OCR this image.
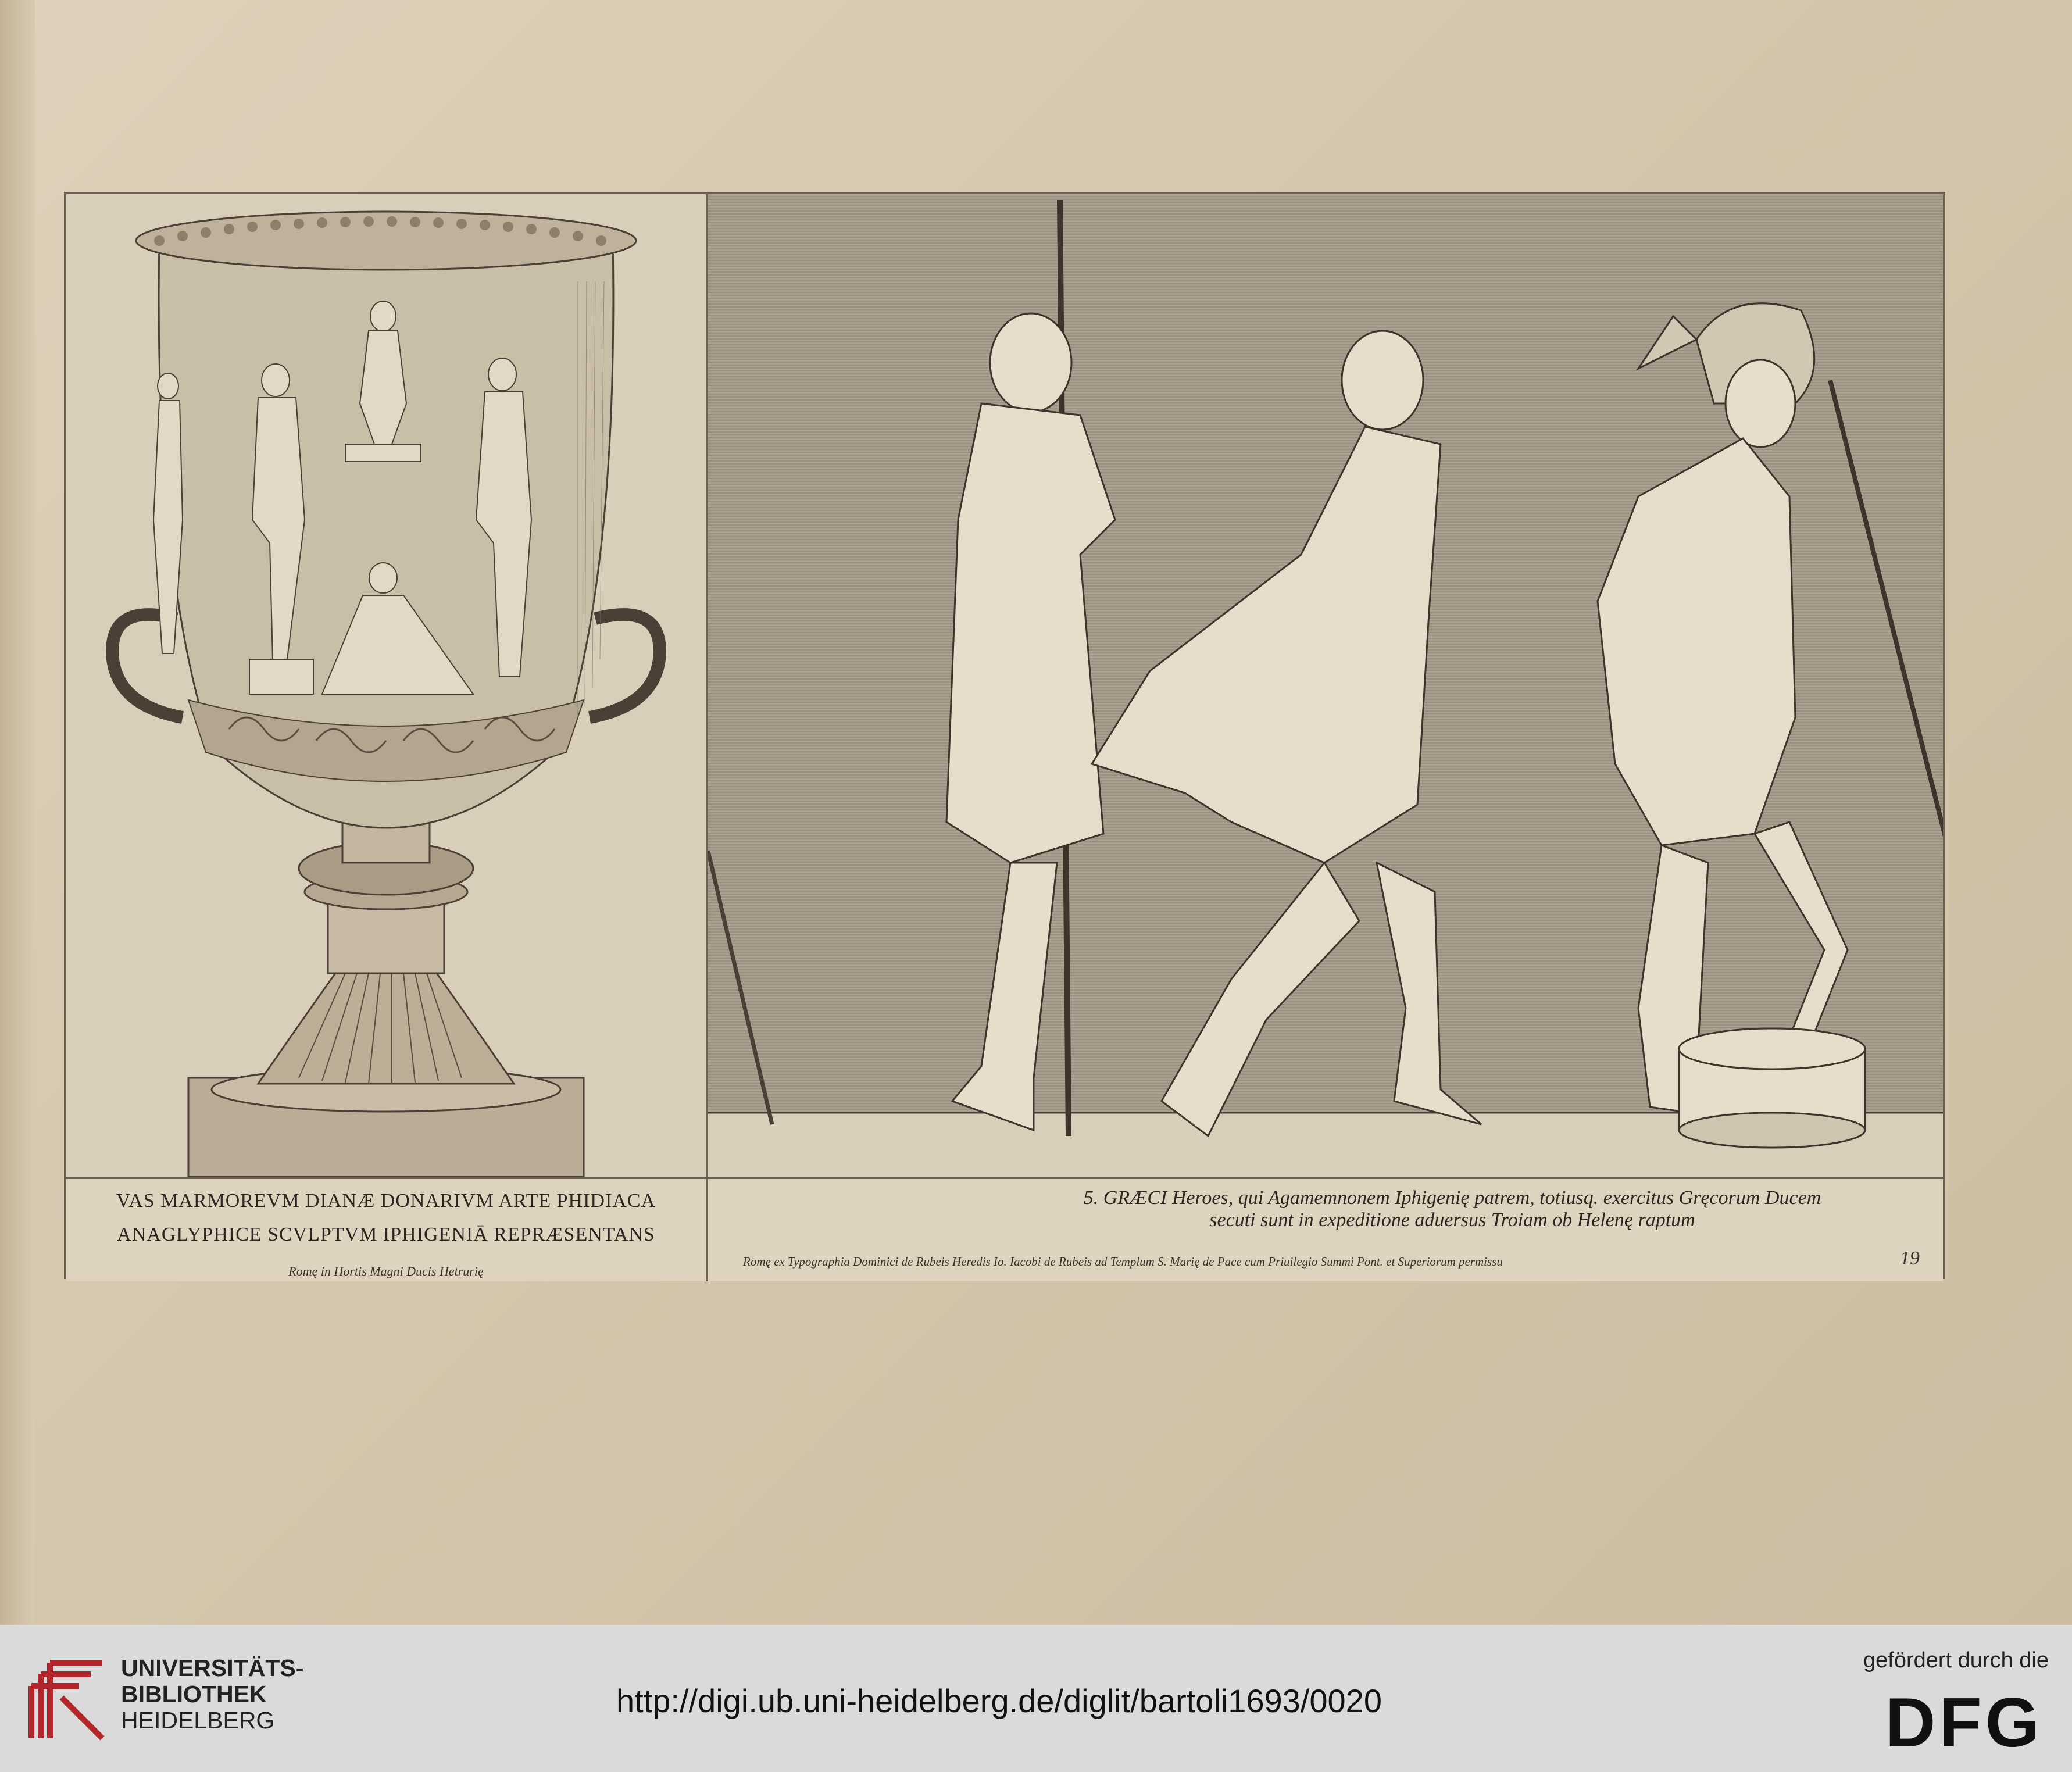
VAS MARMOREVM DIANÆ DONARIVM ARTE PHIDIACA
ANAGLYPHICE SCVLPTVM IPHIGENIĀ REPRÆSENTANS
Romę in Hortis Magni Ducis Hetrurię
5. GRÆCI Heroes, qui Agamemnonem Iphigenię patrem, totiusq. exercitus Gręcorum Ducem
secuti sunt in expeditione aduersus Troiam ob Helenę raptum
Romę ex Typographia Dominici de Rubeis Heredis Io. Iacobi de Rubeis ad Templum S. Marię de Pace cum Priuilegio Summi Pont. et Superiorum permissu	19
UNIVERSITÄTS-
BIBLIOTHEK
HEIDELBERG
http://digi.ub.uni-heidelberg.de/diglit/bartoli1693/0020
gefördert durch die
DFG
